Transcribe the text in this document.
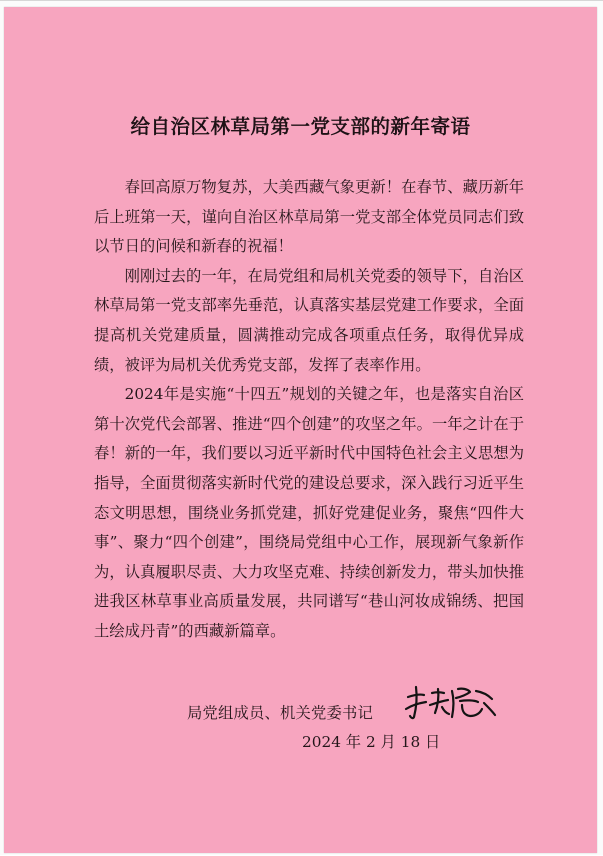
给自治区林草局第一党支部的新年寄语

春回高原万物复苏，大美西藏气象更新！在春节、藏历新年后上班第一天，谨向自治区林草局第一党支部全体党员同志们致以节日的问候和新春的祝福！

刚刚过去的一年，在局党组和局机关党委的领导下，自治区林草局第一党支部率先垂范，认真落实基层党建工作要求，全面提高机关党建质量，圆满推动完成各项重点任务，取得优异成绩，被评为局机关优秀党支部，发挥了表率作用。

2024年是实施“十四五”规划的关键之年，也是落实自治区第十次党代会部署、推进“四个创建”的攻坚之年。一年之计在于春！新的一年，我们要以习近平新时代中国特色社会主义思想为指导，全面贯彻落实新时代党的建设总要求，深入践行习近平生态文明思想，围绕业务抓党建，抓好党建促业务，聚焦“四件大事”、聚力“四个创建”，围绕局党组中心工作，展现新气象新作为，认真履职尽责、大力攻坚克难、持续创新发力，带头加快推进我区林草事业高质量发展，共同谱写“巷山河妆成锦绣、把国土绘成丹青”的西藏新篇章。

局党组成员、机关党委书记
2024 年 2 月 18 日
